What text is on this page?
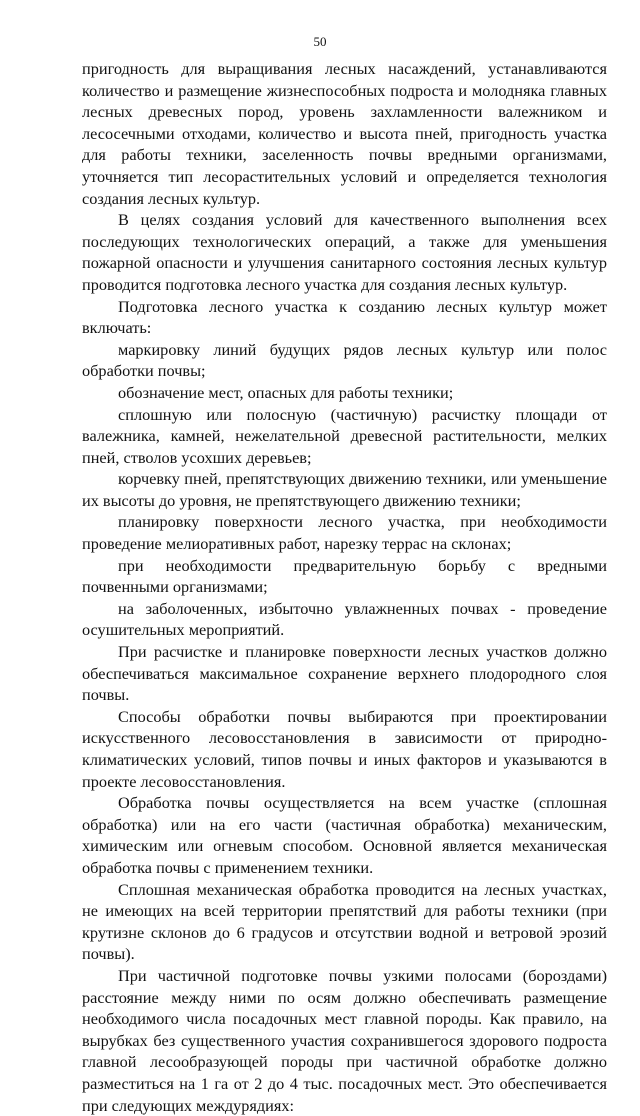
50

пригодность для выращивания лесных насаждений, устанавливаются количество и размещение жизнеспособных подроста и молодняка главных лесных древесных пород, уровень захламленности валежником и лесосечными отходами, количество и высота пней, пригодность участка для работы техники, заселенность почвы вредными организмами, уточняется тип лесорастительных условий и определяется технология создания лесных культур.

В целях создания условий для качественного выполнения всех последующих технологических операций, а также для уменьшения пожарной опасности и улучшения санитарного состояния лесных культур проводится подготовка лесного участка для создания лесных культур.

Подготовка лесного участка к созданию лесных культур может включать:

маркировку линий будущих рядов лесных культур или полос обработки почвы;

обозначение мест, опасных для работы техники;

сплошную или полосную (частичную) расчистку площади от валежника, камней, нежелательной древесной растительности, мелких пней, стволов усохших деревьев;

корчевку пней, препятствующих движению техники, или уменьшение их высоты до уровня, не препятствующего движению техники;

планировку поверхности лесного участка, при необходимости проведение мелиоративных работ, нарезку террас на склонах;

при необходимости предварительную борьбу с вредными почвенными организмами;

на заболоченных, избыточно увлажненных почвах - проведение осушительных мероприятий.

При расчистке и планировке поверхности лесных участков должно обеспечиваться максимальное сохранение верхнего плодородного слоя почвы.

Способы обработки почвы выбираются при проектировании искусственного лесовосстановления в зависимости от природно-климатических условий, типов почвы и иных факторов и указываются в проекте лесовосстановления.

Обработка почвы осуществляется на всем участке (сплошная обработка) или на его части (частичная обработка) механическим, химическим или огневым способом. Основной является механическая обработка почвы с применением техники.

Сплошная механическая обработка проводится на лесных участках, не имеющих на всей территории препятствий для работы техники (при крутизне склонов до 6 градусов и отсутствии водной и ветровой эрозий почвы).

При частичной подготовке почвы узкими полосами (бороздами) расстояние между ними по осям должно обеспечивать размещение необходимого числа посадочных мест главной породы. Как правило, на вырубках без существенного участия сохранившегося здорового подроста главной лесообразующей породы при частичной обработке должно разместиться на 1 га от 2 до 4 тыс. посадочных мест. Это обеспечивается при следующих междурядиях:
